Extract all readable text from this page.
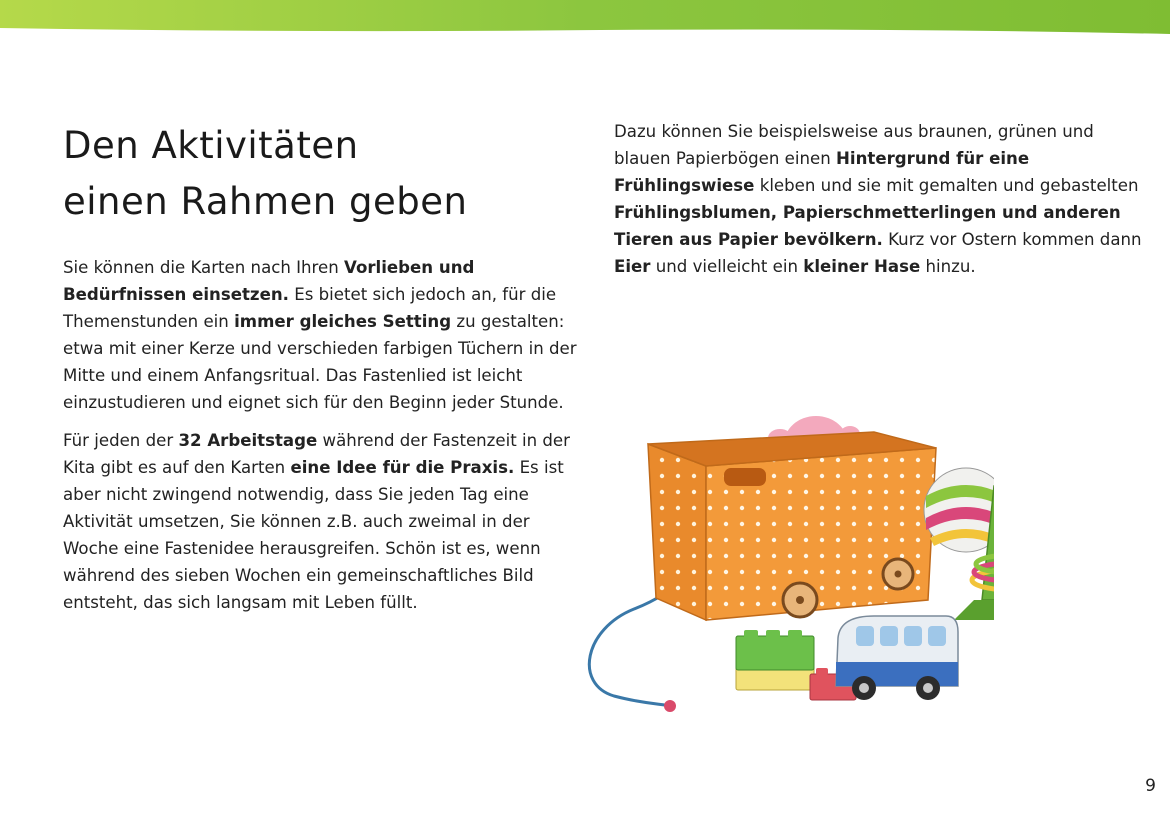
Den Aktivitäten
einen Rahmen geben

Sie können die Karten nach Ihren Vorlieben und Bedürfnissen einsetzen. Es bietet sich jedoch an, für die Themenstunden ein immer gleiches Setting zu gestalten: etwa mit einer Kerze und verschieden farbigen Tüchern in der Mitte und einem Anfangsritual. Das Fastenlied ist leicht einzustudieren und eignet sich für den Beginn jeder Stunde.

Für jeden der 32 Arbeitstage während der Fastenzeit in der Kita gibt es auf den Karten eine Idee für die Praxis. Es ist aber nicht zwingend notwendig, dass Sie jeden Tag eine Aktivität umsetzen, Sie können z.B. auch zweimal in der Woche eine Fastenidee herausgreifen. Schön ist es, wenn während des sieben Wochen ein gemeinschaftliches Bild entsteht, das sich langsam mit Leben füllt.

Dazu können Sie beispielsweise aus braunen, grünen und blauen Papierbögen einen Hintergrund für eine Frühlingswiese kleben und sie mit gemalten und gebastelten Frühlingsblumen, Papierschmetterlingen und anderen Tieren aus Papier bevölkern. Kurz vor Ostern kommen dann Eier und vielleicht ein kleiner Hase hinzu.

9
